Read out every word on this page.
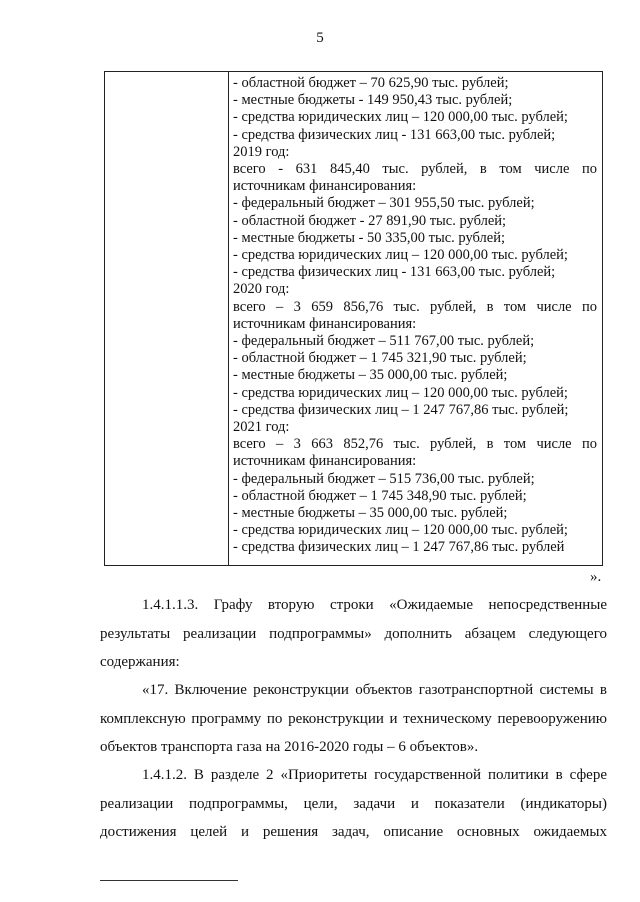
5
- областной бюджет – 70 625,90 тыс. рублей;
- местные бюджеты - 149 950,43 тыс. рублей;
- средства юридических лиц – 120 000,00 тыс. рублей;
- средства физических лиц - 131 663,00 тыс. рублей;
2019 год:
всего - 631 845,40 тыс. рублей, в том числе по
источникам финансирования:
- федеральный бюджет – 301 955,50 тыс. рублей;
- областной бюджет - 27 891,90 тыс. рублей;
- местные бюджеты - 50 335,00 тыс. рублей;
- средства юридических лиц – 120 000,00 тыс. рублей;
- средства физических лиц - 131 663,00 тыс. рублей;
2020 год:
всего – 3 659 856,76 тыс. рублей, в том числе по
источникам финансирования:
- федеральный бюджет – 511 767,00 тыс. рублей;
- областной бюджет – 1 745 321,90 тыс. рублей;
- местные бюджеты – 35 000,00 тыс. рублей;
- средства юридических лиц – 120 000,00 тыс. рублей;
- средства физических лиц – 1 247 767,86 тыс. рублей;
2021 год:
всего – 3 663 852,76 тыс. рублей, в том числе по
источникам финансирования:
- федеральный бюджет – 515 736,00 тыс. рублей;
- областной бюджет – 1 745 348,90 тыс. рублей;
- местные бюджеты – 35 000,00 тыс. рублей;
- средства юридических лиц – 120 000,00 тыс. рублей;
- средства физических лиц – 1 247 767,86 тыс. рублей
».
1.4.1.1.3. Графу вторую строки «Ожидаемые непосредственные
результаты реализации подпрограммы» дополнить абзацем следующего
содержания:
«17. Включение реконструкции объектов газотранспортной системы в
комплексную программу по реконструкции и техническому перевооружению
объектов транспорта газа на 2016-2020 годы – 6 объектов».
1.4.1.2. В разделе 2 «Приоритеты государственной политики в сфере
реализации подпрограммы, цели, задачи и показатели (индикаторы)
достижения целей и решения задач, описание основных ожидаемых
